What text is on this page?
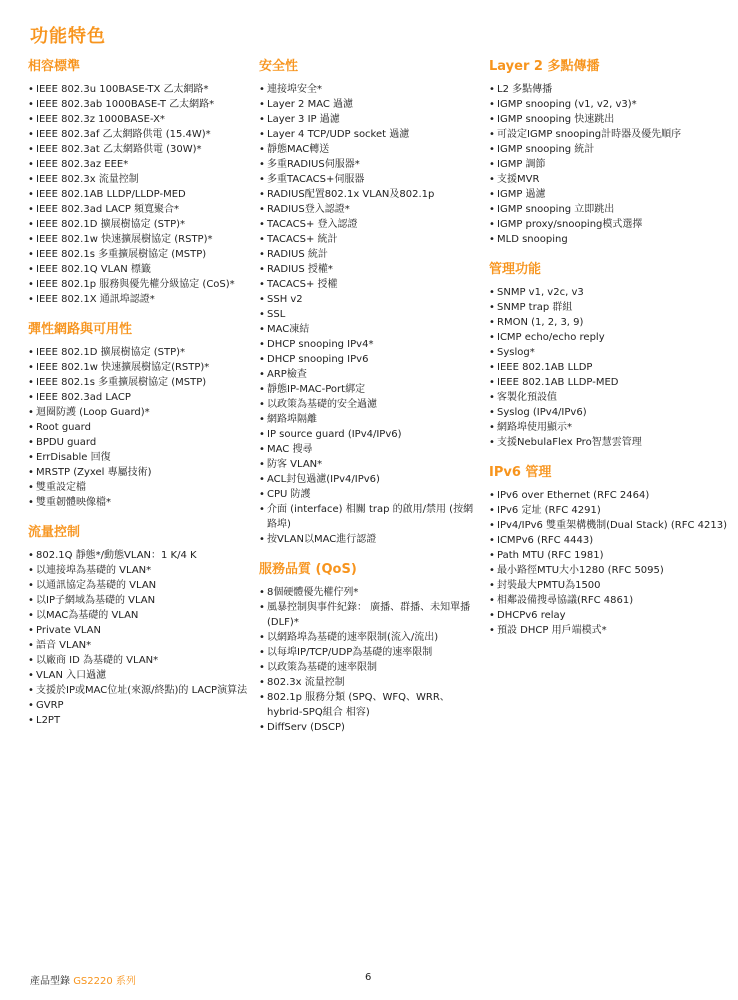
功能特色
相容標準
• IEEE 802.3u 100BASE-TX 乙太網路*
• IEEE 802.3ab 1000BASE-T 乙太網路*
• IEEE 802.3z 1000BASE-X*
• IEEE 802.3af 乙太網路供電 (15.4W)*
• IEEE 802.3at 乙太網路供電 (30W)*
• IEEE 802.3az EEE*
• IEEE 802.3x 流量控制
• IEEE 802.1AB LLDP/LLDP-MED
• IEEE 802.3ad LACP 頻寬聚合*
• IEEE 802.1D 擴展樹協定 (STP)*
• IEEE 802.1w 快速擴展樹協定 (RSTP)*
• IEEE 802.1s 多重擴展樹協定 (MSTP)
• IEEE 802.1Q VLAN 標籤
• IEEE 802.1p 服務與優先權分級協定 (CoS)*
• IEEE 802.1X 通訊埠認證*
彈性網路與可用性
• IEEE 802.1D 擴展樹協定 (STP)*
• IEEE 802.1w 快速擴展樹協定(RSTP)*
• IEEE 802.1s 多重擴展樹協定 (MSTP)
• IEEE 802.3ad LACP
• 迴圈防護 (Loop Guard)*
• Root guard
• BPDU guard
• ErrDisable 回復
• MRSTP (Zyxel 專屬技術)
• 雙重設定檔
• 雙重韌體映像檔*
流量控制
• 802.1Q 靜態*/動態VLAN：1 K/4 K
• 以連接埠為基礎的 VLAN*
• 以通訊協定為基礎的 VLAN
• 以IP子網域為基礎的 VLAN
• 以MAC為基礎的 VLAN
• Private VLAN
• 語音 VLAN*
• 以廠商 ID 為基礎的 VLAN*
• VLAN 入口過濾
• 支援於IP或MAC位址(來源/終點)的 LACP演算法
• GVRP
• L2PT
安全性
• 連接埠安全*
• Layer 2 MAC 過濾
• Layer 3 IP 過濾
• Layer 4 TCP/UDP socket 過濾
• 靜態MAC轉送
• 多重RADIUS伺服器*
• 多重TACACS+伺服器
• RADIUS配置802.1x VLAN及802.1p
• RADIUS登入認證*
• TACACS+ 登入認證
• TACACS+ 統計
• RADIUS 統計
• RADIUS 授權*
• TACACS+ 授權
• SSH v2
• SSL
• MAC凍結
• DHCP snooping IPv4*
• DHCP snooping IPv6
• ARP檢查
• 靜態IP-MAC-Port綁定
• 以政策為基礎的安全過濾
• 網路埠隔離
• IP source guard (IPv4/IPv6)
• MAC 搜尋
• 防客 VLAN*
• ACL封包過濾(IPv4/IPv6)
• CPU 防護
• 介面 (interface) 相關 trap 的啟用/禁用 (按網路埠)
• 按VLAN以MAC進行認證
服務品質 (QoS)
• 8個硬體優先權佇列*
• 風暴控制與事件紀錄： 廣播、群播、未知單播(DLF)*
• 以網路埠為基礎的速率限制(流入/流出)
• 以每埠IP/TCP/UDP為基礎的速率限制
• 以政策為基礎的速率限制
• 802.3x 流量控制
• 802.1p 服務分類 (SPQ、WFQ、WRR、hybrid-SPQ組合 相容)
• DiffServ (DSCP)
Layer 2 多點傳播
• L2 多點傳播
• IGMP snooping (v1, v2, v3)*
• IGMP snooping 快速跳出
• 可設定IGMP snooping計時器及優先順序
• IGMP snooping 統計
• IGMP 調節
• 支援MVR
• IGMP 過濾
• IGMP snooping 立即跳出
• IGMP proxy/snooping模式選擇
• MLD snooping
管理功能
• SNMP v1, v2c, v3
• SNMP trap 群組
• RMON (1, 2, 3, 9)
• ICMP echo/echo reply
• Syslog*
• IEEE 802.1AB LLDP
• IEEE 802.1AB LLDP-MED
• 客製化預設值
• Syslog (IPv4/IPv6)
• 網路埠使用顯示*
• 支援NebulaFlex Pro智慧雲管理
IPv6 管理
• IPv6 over Ethernet (RFC 2464)
• IPv6 定址 (RFC 4291)
• IPv4/IPv6 雙重架構機制(Dual Stack) (RFC 4213)
• ICMPv6 (RFC 4443)
• Path MTU (RFC 1981)
• 最小路徑MTU大小1280 (RFC 5095)
• 封裝最大PMTU為1500
• 相鄰設備搜尋協議(RFC 4861)
• DHCPv6 relay
• 預設 DHCP 用戶端模式*
產品型錄 GS2220 系列	6
